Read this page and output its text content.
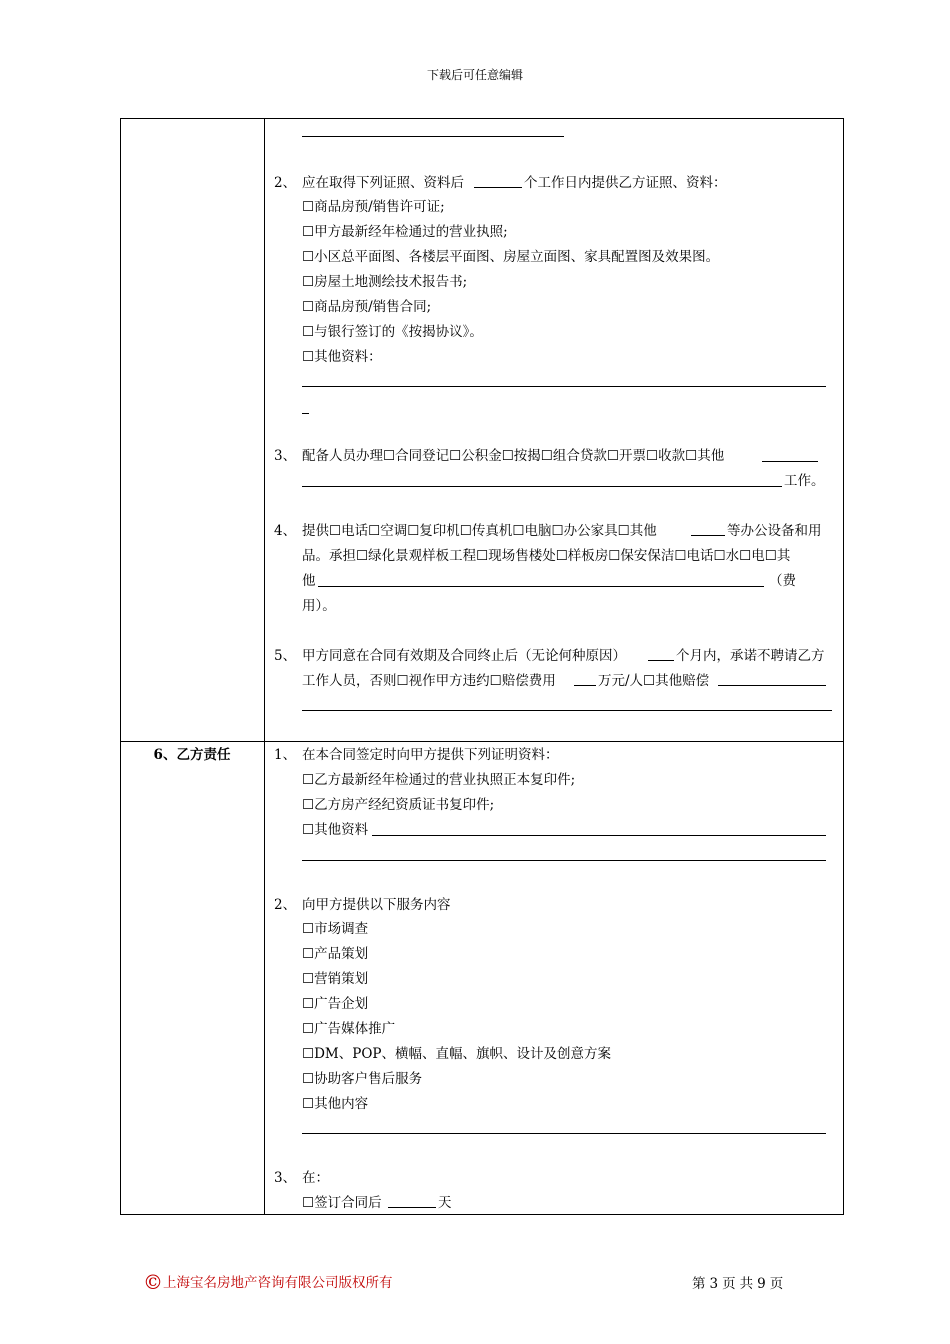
下载后可任意编辑
2、 应在取得下列证照、资料后	个工作日内提供乙方证照、资料：
☐商品房预/销售许可证;
☐甲方最新经年检通过的营业执照;
☐小区总平面图、各楼层平面图、房屋立面图、家具配置图及效果图。
☐房屋土地测绘技术报告书;
☐商品房预/销售合同;
☐与银行签订的《按揭协议》。
☐其他资料：
3、 配备人员办理☐合同登记☐公积金☐按揭☐组合贷款☐开票☐收款☐其他
工作。
4、 提供☐电话☐空调☐复印机☐传真机☐电脑☐办公家具☐其他	等办公设备和用
品。承担☐绿化景观样板工程☐现场售楼处☐样板房☐保安保洁☐电话☐水☐电☐其
他	（费
用）。
5、 甲方同意在合同有效期及合同终止后（无论何种原因）	个月内，承诺不聘请乙方
工作人员，否则☐视作甲方违约☐赔偿费用	万元/人☐其他赔偿
6、乙方责任	1、 在本合同签定时向甲方提供下列证明资料：
☐乙方最新经年检通过的营业执照正本复印件;
☐乙方房产经纪资质证书复印件;
☐其他资料
2、 向甲方提供以下服务内容
☐市场调查
☐产品策划
☐营销策划
☐广告企划
☐广告媒体推广
☐DM、POP、横幅、直幅、旗帜、设计及创意方案
☐协助客户售后服务
☐其他内容
3、 在：
☐签订合同后	天
©上海宝名房地产咨询有限公司版权所有	第 3 页 共 9 页
